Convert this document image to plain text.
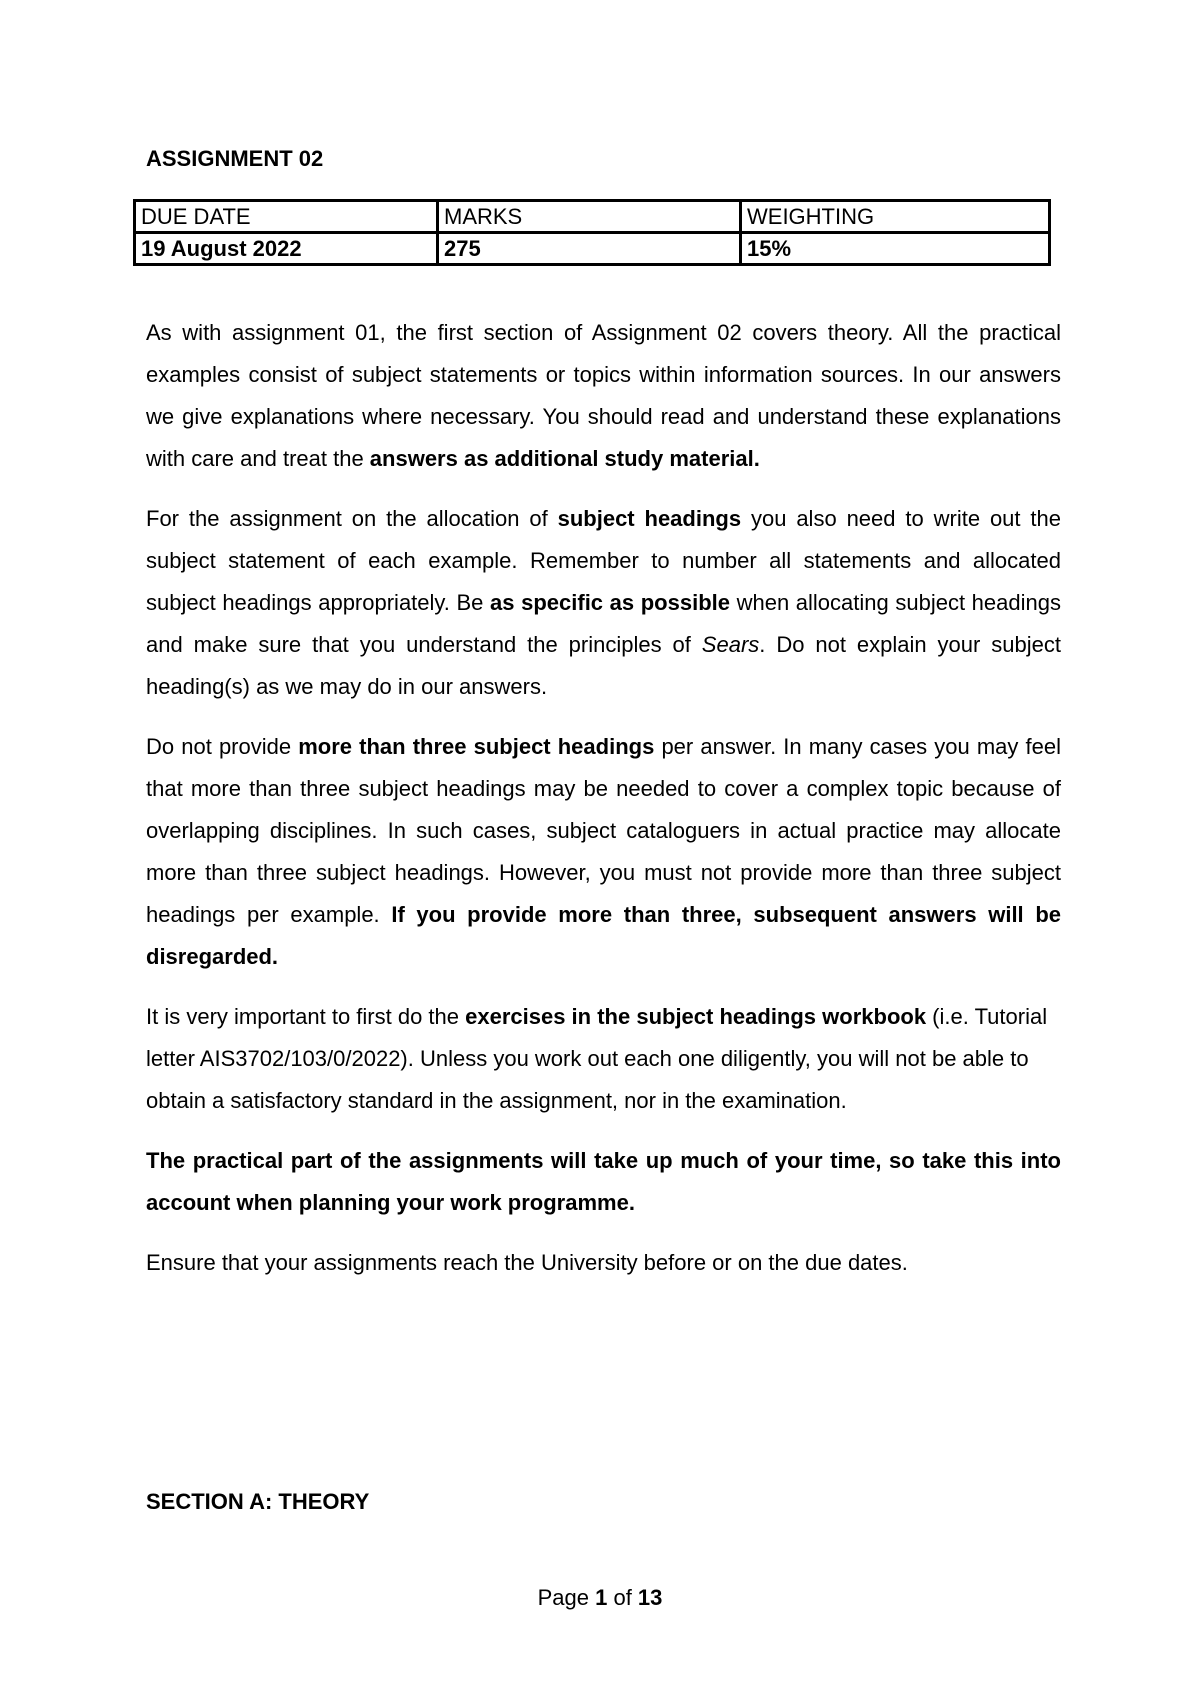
ASSIGNMENT 02
DUE DATE	MARKS	WEIGHTING
19 August 2022	275	15%

As with assignment 01, the first section of Assignment 02 covers theory. All the practical examples consist of subject statements or topics within information sources. In our answers we give explanations where necessary. You should read and understand these explanations with care and treat the answers as additional study material.

For the assignment on the allocation of subject headings you also need to write out the subject statement of each example. Remember to number all statements and allocated subject headings appropriately. Be as specific as possible when allocating subject headings and make sure that you understand the principles of Sears. Do not explain your subject heading(s) as we may do in our answers.

Do not provide more than three subject headings per answer. In many cases you may feel that more than three subject headings may be needed to cover a complex topic because of overlapping disciplines. In such cases, subject cataloguers in actual practice may allocate more than three subject headings. However, you must not provide more than three subject headings per example. If you provide more than three, subsequent answers will be disregarded.

It is very important to first do the exercises in the subject headings workbook (i.e. Tutorial letter AIS3702/103/0/2022). Unless you work out each one diligently, you will not be able to obtain a satisfactory standard in the assignment, nor in the examination.

The practical part of the assignments will take up much of your time, so take this into account when planning your work programme.

Ensure that your assignments reach the University before or on the due dates.

SECTION A: THEORY
Page 1 of 13
